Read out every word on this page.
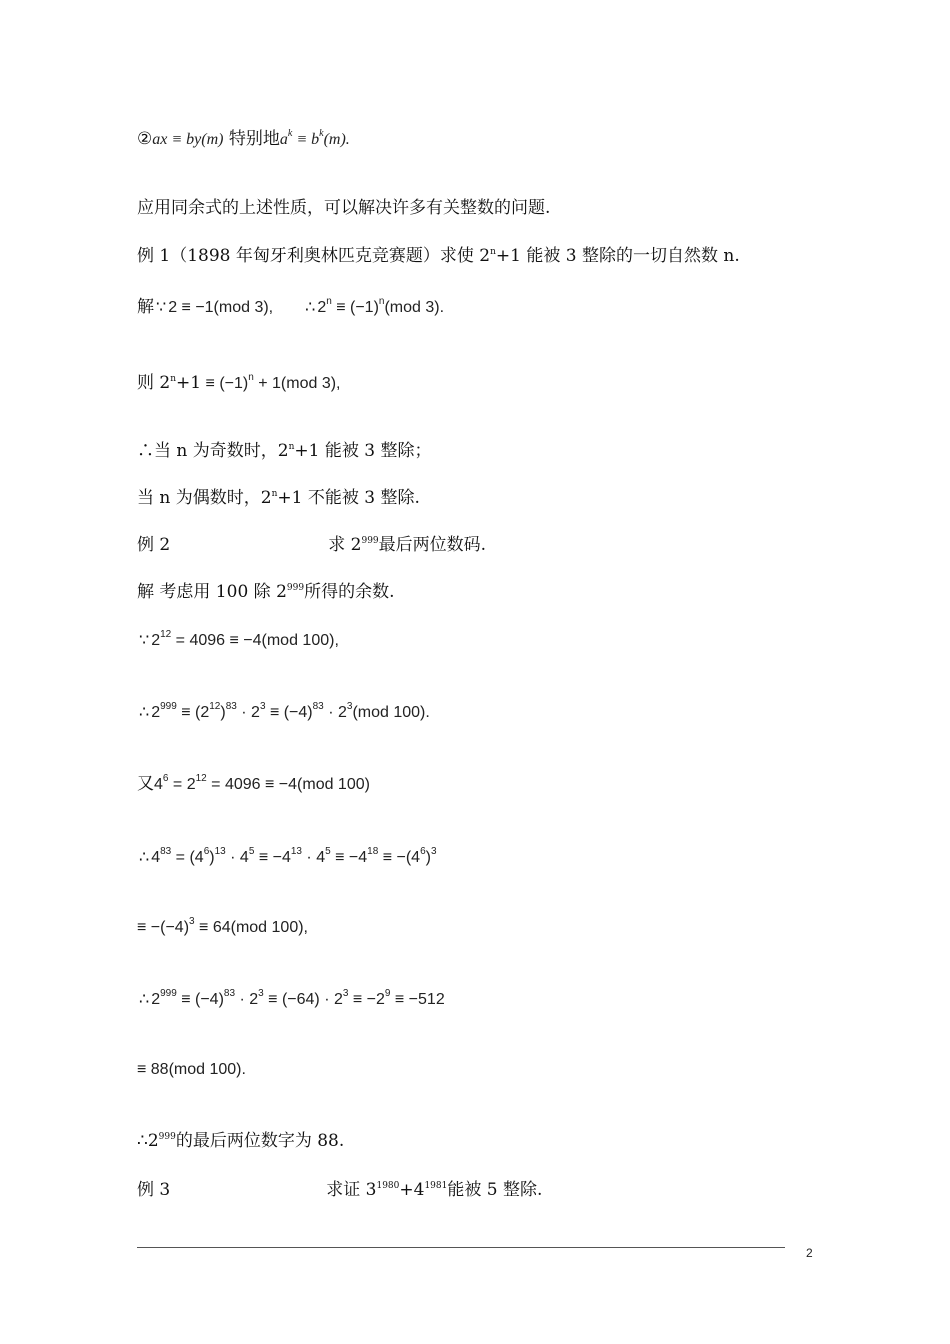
②ax ≡ by(m) 特别地$a^k \equiv b^k(m)$.
应用同余式的上述性质，可以解决许多有关整数的问题.
例 1（1898 年匈牙利奥林匹克竞赛题）求使 $2^n+1$ 能被 3 整除的一切自然数 n.
解 ∵ 2 ≡ −1(mod 3), ∴ $2^n \equiv (-1)^n(mod$ 3).
则 $2^n+1 \equiv (-1)^n + 1(mod$ 3),
∴当 n 为奇数时，$2^n+1$ 能被 3 整除；
当 n 为偶数时，$2^n+1$ 不能被 3 整除.
例 2	求 $2^{999}$最后两位数码.
解 考虑用 100 除 $2^{999}$所得的余数.
∵ $2^{12} = 4096 \equiv -4(mod$ 100),
∴ $2^{999} \equiv (2^{12})^{83} \cdot 2^3 \equiv (-4)^{83} \cdot 2^3(mod$ 100).
又$4^6 = 2^{12} = 4096 \equiv -4(mod$ 100)
∴ $4^{83} = (4^6)^{13} \cdot 4^5 \equiv -4^{13} \cdot 4^5 \equiv -4^{18} \equiv -(4^6)^3$
≡ $-(-4)^3 \equiv 64(mod$ 100),
∴ $2^{999} \equiv (-4)^{83} \cdot 2^3 \equiv (-64) \cdot 2^3 \equiv -2^9 \equiv -512$
≡ 88(mod 100).
$\therefore 2^{999}$的最后两位数字为 88.
例 3	求证 $3^{1980}+4^{1981}$能被 5 整除.
2
